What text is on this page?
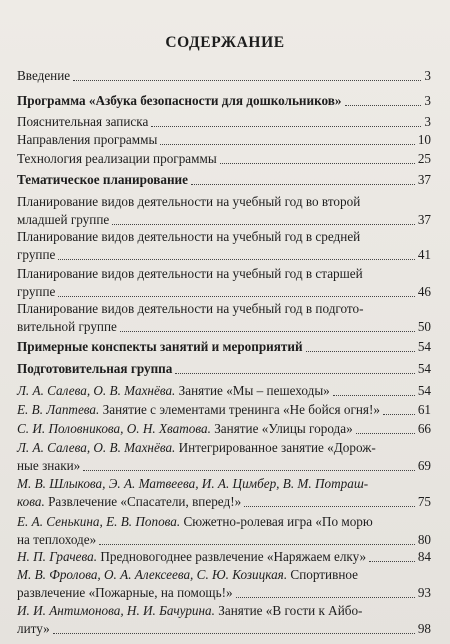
СОДЕРЖАНИЕ
Введение	3
Программа «Азбука безопасности для дошкольников»	3
Пояснительная записка	3
Направления программы	10
Технология реализации программы	25
Тематическое планирование	37
Планирование видов деятельности на учебный год во второй
младшей группе	37
Планирование видов деятельности на учебный год в средней
группе	41
Планирование видов деятельности на учебный год в старшей
группе	46
Планирование видов деятельности на учебный год в подгото-
вительной группе	50
Примерные конспекты занятий и мероприятий	54
Подготовительная группа	54
Л. А. Салева, О. В. Махнёва. Занятие «Мы – пешеходы»	54
Е. В. Лаптева. Занятие с элементами тренинга «Не бойся огня!»	61
С. И. Половникова, О. Н. Хватова. Занятие «Улицы города»	66
Л. А. Салева, О. В. Махнёва. Интегрированное занятие «Дорож-
ные знаки»	69
М. В. Шлыкова, Э. А. Матвеева, И. А. Цимбер, В. М. Потраш-
кова. Развлечение «Спасатели, вперед!»	75
Е. А. Сенькина, Е. В. Попова. Сюжетно-ролевая игра «По морю
на теплоходе»	80
Н. П. Грачева. Предновогоднее развлечение «Наряжаем елку»	84
М. В. Фролова, О. А. Алексеева, С. Ю. Козицкая. Спортивное
развлечение «Пожарные, на помощь!»	93
И. И. Антимонова, Н. И. Бачурина. Занятие «В гости к Айбо-
литу»	98
